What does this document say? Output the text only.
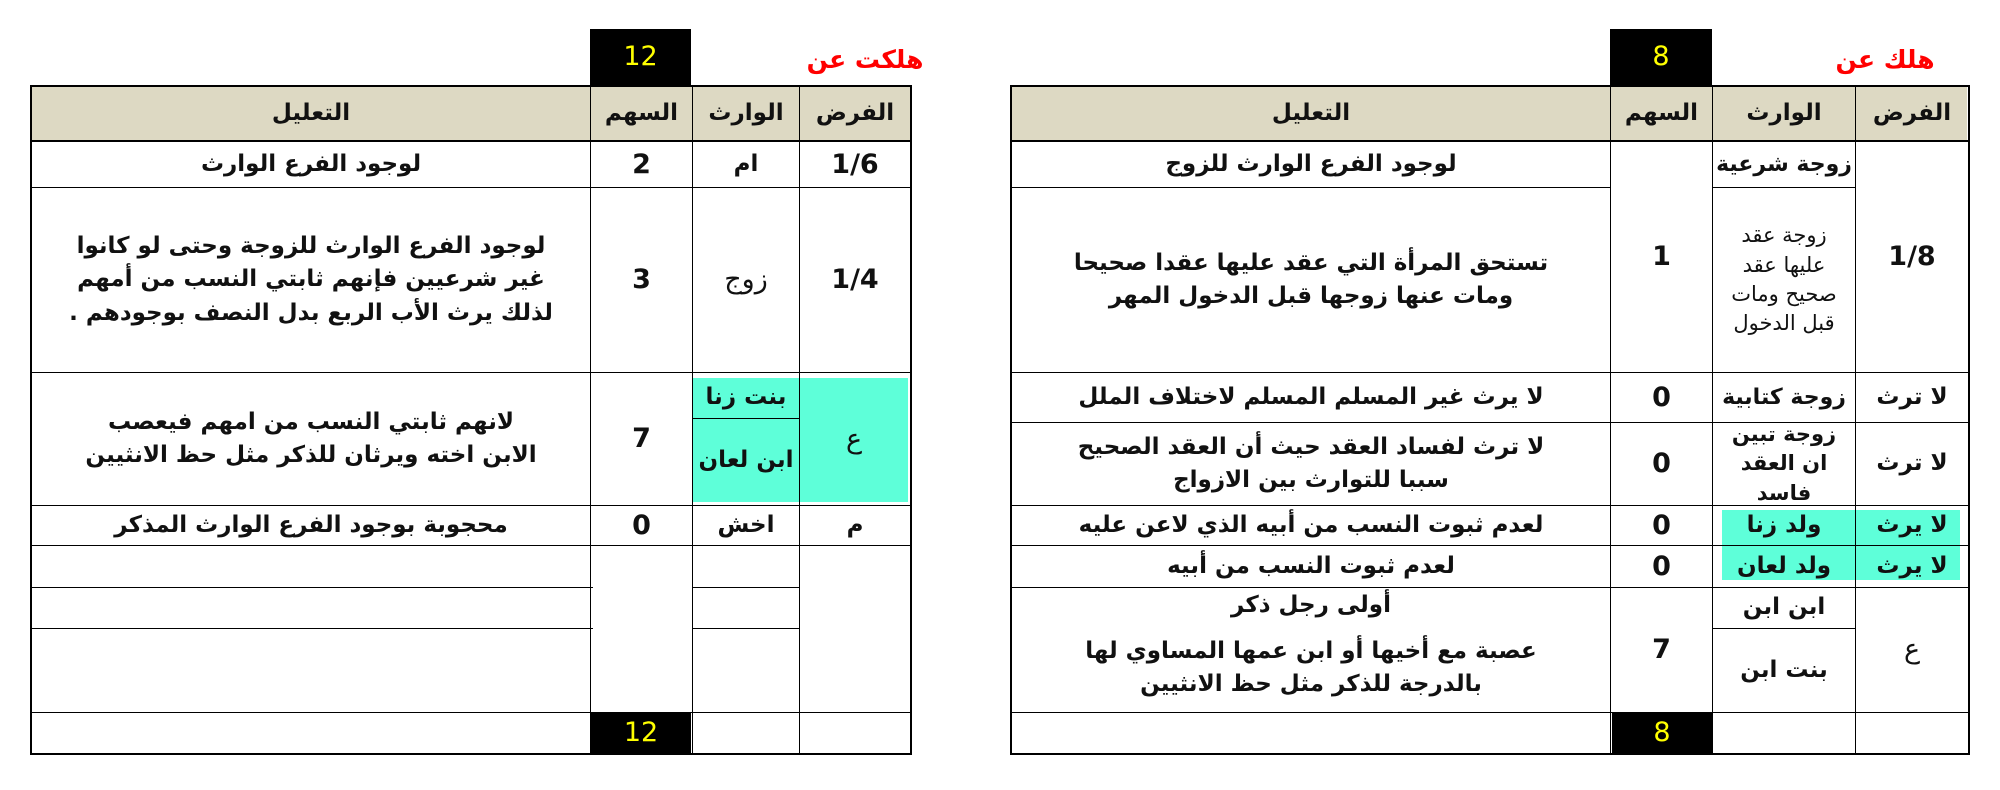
هلك عن
8
الفرض
الوارث
السهم
التعليل
زوجة شرعية
لوجود الفرع الوارث للزوج
1/8
1
زوجة عقد عليها عقد صحيح ومات قبل الدخول
تستحق المرأة التي عقد عليها عقدا صحيحا ومات عنها زوجها قبل الدخول المهر
لا ترث
زوجة كتابية
0
لا يرث غير المسلم المسلم لاختلاف الملل
لا ترث
زوجة تبين ان العقد فاسد
0
لا ترث لفساد العقد حيث أن العقد الصحيح سببا للتوارث بين الازواج
لا يرث
ولد زنا
0
لعدم ثبوت النسب من أبيه الذي لاعن عليه
لا يرث
ولد لعان
0
لعدم ثبوت النسب من أبيه
ع
7
ابن ابن
بنت ابن
أولى رجل ذكر
عصبة مع أخيها أو ابن عمها المساوي لها بالدرجة للذكر مثل حظ الانثيين
8
هلكت عن
12
الفرض
الوارث
السهم
التعليل
1/6
ام
2
لوجود الفرع الوارث
1/4
زوج
3
لوجود الفرع الوارث للزوجة وحتى لو كانوا غير شرعيين فإنهم ثابتي النسب من أمهم لذلك يرث الأب الربع بدل النصف بوجودهم .
ع
بنت زنا
ابن لعان
7
لانهم ثابتي النسب من امهم فيعصب الابن اخته ويرثان للذكر مثل حظ الانثيين
م
اخش
0
محجوبة بوجود الفرع الوارث المذكر
12
